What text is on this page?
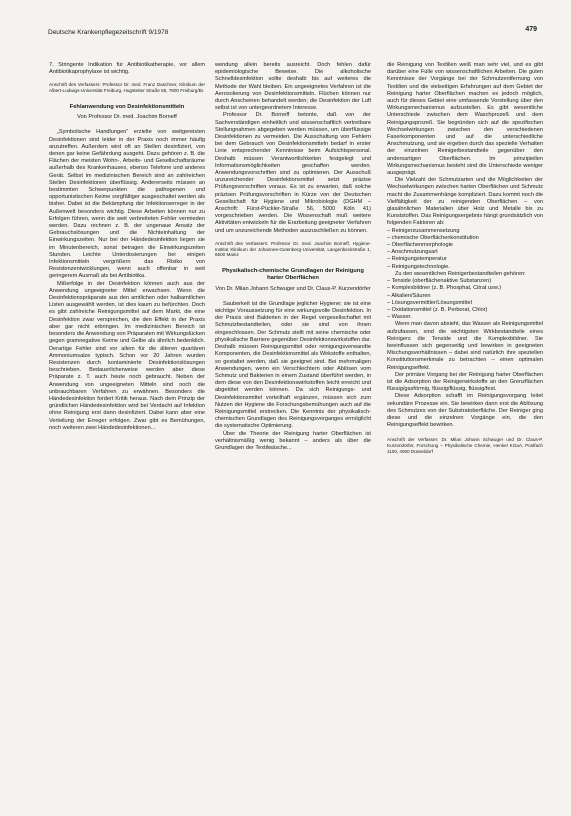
Deutsche Krankenpflegezeitschrift 9/1978	479

7. Stringente Indikation für Antibiotikatherapie, vor allem Antibiotikaprophylaxe ist wichtig.

Anschrift des Verfassers: Professor Dr. med. Franz Daschner, Klinikum der Albert-Ludwigs-Universität Freiburg, Hugstetter Straße 55, 7800 Freiburg/Br.

Fehlanwendung von Desinfektionsmitteln

Von Professor Dr. med. Joachim Borneff

„Symbolische Handlungen“ erzielte von weitgereisten Desinfektionen sind leider in der Praxis noch immer häufig anzutreffen. Außerdem wird oft an Stellen desinfiziert, von denen gar keine Gefährdung ausgeht. Dazu gehören z. B. die Flächen der meisten Wohn-, Arbeits- und Gesellschaftsräume außerhalb des Krankenhauses, ebenso Telefone und anderes Gerät. Selbst im medizinischen Bereich sind an zahlreichen Stellen Desinfektionen überflüssig. Andererseits müssen an bestimmten Schwerpunkten die pathogenen und opportunistischen Keime sorgfältiger ausgeschaltet werden als bisher. Dabei ist die Bekämpfung der Infektionserreger in der Außenwelt besonders wichtig. Diese Arbeiten können nur zu Erfolgen führen, wenn die weit verbreiteten Fehler vermieden werden. Dazu rechnen z. B. der ungenaue Ansatz der Gebrauchslösungen und die Nichteinhaltung der Einwirkungszeiten. Nur bei der Händedesinfektion liegen sie im Minutenbereich, sonst betragen die Einwirkungszeiten Stunden. Leichte Unterdosierungen bei einigen Infektionsmitteln vergrößern das Risiko von Resistenzentwicklungen, wenn auch offenbar in weit geringerem Ausmaß als bei Antibiotika.

Mißerfolge in der Desinfektion können auch aus der Anwendung ungeeigneter Mittel erwachsen. Wenn die Desinfektionspräparate aus den amtlichen oder halbamtlichen Listen ausgewählt werden, ist dies kaum zu befürchten. Doch es gibt zahlreiche Reinigungsmittel auf dem Markt, die eine Desinfektion zwar versprechen, die den Effekt in der Praxis aber gar nicht erbringen. Im medizinischen Bereich ist besonders die Anwendung von Präparaten mit Wirkungslücken gegen gramnegative Keime und Gelbe als ähnlich bedenklich. Derartige Fehler sind vor allem für die älteren quartären Ammoniumsalze typisch. Schon vor 20 Jahren wurden Resistenzen durch kontaminierte Desinfektionslösungen beschrieben. Bedauerlicherweise werden aber diese Präparate z. T. auch heute noch gebraucht. Neben der Anwendung von ungeeigneten Mitteln sind noch die unbrauchbaren Verfahren zu erwähnen. Besonders die Händedesinfektion fordert Kritik heraus. Nach dem Prinzip der gründlichen Händedesinfektion wird bei Verdacht auf Infektion ohne Reinigung erst dann desinfiziert. Dabei kann aber eine Verteilung der Erreger erfolgen. Zwar gibt es Bemühungen, noch weiteren zwei Händedesinfektionen...

wendung allein bereits ausreicht. Doch fehlen dafür epidemiologische Beweise. Die alkoholische Schnelldesinfektion sollte deshalb bis auf weiteres die Methode der Wahl bleiben. Ein ungeeignetes Verfahren ist die Aerosolierung von Desinfektionsmitteln. Flüchen können nur durch Anscheinen behandelt werden; die Desinfektion der Luft selbst ist von untergeordnetem Interesse.

Professor Dr. Borneff betonte, daß von der Sachverständigen einheitlich und wissenschaftlich vertretbare Stellungnahmen abgegeben werden müssen, um überflüssige Desinfektionen zu vermeiden. Die Ausschaltung von Fehlern bei dem Gebrauch von Desinfektionsmitteln bedarf in erster Linie entsprechender Kenntnisse beim Aufsichtspersonal. Deshalb müssen Verantwortlichkeiten festgelegt und Informationsmöglichkeiten geschaffen werden. Anwendungsvorschriften sind zu optimieren. Der Ausschuß unzureichender Desinfektionsmittel setzt präzise Prüfungsvorschriften voraus. Es ist zu erwarten, daß solche präzisen Prüfungsvorschriften in Kürze von der Deutschen Gesellschaft für Hygiene und Mikrobiologie (DGHM – Anschrift: Fürst-Pückler-Straße 56, 5000 Köln 41) vorgeschrieben werden. Die Wissenschaft muß weitere Aktivitäten entwickeln für die Erarbeitung geeigneter Verfahren und um unzureichende Methoden auszuschließen zu können.

Anschrift des Verfassers: Professor Dr. med. Joachim Borneff, Hygiene-Institut Klinikum der Johannes-Gutenberg-Universität, Langenbeckstraße 1, 6500 Mainz

Physikalisch-chemische Grundlagen der Reinigung harter Oberflächen

Von Dr. Milan Johann Schwuger und Dr. Claus-P. Kurzendörfer

Sauberkeit ist die Grundlage jeglicher Hygiene; sie ist eine wichtige Voraussetzung für eine wirkungsvolle Desinfektion. In der Praxis sind Bakterien in der Regel vergesellschaftet mit Schmutzbestandteilen, oder sie sind von ihnen eingeschlossen. Der Schmutz stellt mit seine chemische oder physikalische Barriere gegenüber Desinfektionswirkstoffen dar. Deshalb müssen Reinigungsmittel oder reinigungsverwandte Komponenten, die Desinfektionsmittel als Wirkstoffe enthalten, so gestaltet werden, daß sie geeignet sind. Bei mehrmaligen Anwendungen, wenn ein Verschlechtern oder Ablösen vom Schmutz und Bakterien in einem Zustand überführt werden, in dem diese von den Desinfektionswirkstoffen leicht erreicht und abgetötet werden können. Da sich Reinigungs- und Desinfektionsmittel vorteilhaft ergänzen, müssen sich zum Nutzen der Hygiene die Forschungsbemühungen auch auf die Reinigungsmittel erstrecken. Die Kenntnis der physikalisch-chemischen Grundlagen des Reinigungsvorganges ermöglicht die systematische Optimierung.

Über die Theorie der Reinigung harter Oberflächen ist verhältnismäßig wenig bekannt – anders als über die Grundlagen der Textilwäsche...

die Reinigung von Textilien weiß man sehr viel, und es gibt darüber eine Fülle von wissenschaftlichen Arbeiten. Die guten Kenntnisse der Vorgänge bei der Schmutzentfernung von Textilien und die vielseitigen Erfahrungen auf dem Gebiet der Reinigung harter Oberflächen machen es jedoch möglich, auch für dieses Gebiet eine umfassende Vorstellung über den Wirkungsmechanismus aufzustellen. Es gibt wesentliche Unterschiede zwischen dem Waschprozeß und dem Reinigungsprozeß. Sie begründen sich auf die spezifischen Wechselwirkungen zwischen den verschiedenen Faserkomponenten und auf die unterschiedliche Anschmutzung, und sie ergeben durch das spezielle Verhalten der einzelnen Reinigerbestandteile gegenüber den andersartigen Oberflächen. Im prinzipiellen Wirkungsmechanismus besteht sind die Unterschiede weniger ausgeprägt.

Die Vielzahl der Schmutzarten und die Möglichkeiten der Wechselwirkungen zwischen harten Oberflächen und Schmutz macht die Zusammenhänge kompliziert. Dazu kommt noch die Vielfältigkeit der zu reinigenden Oberflächen – von glasähnlichen Materialien über Holz und Metalle bis zu Kunststoffen. Das Reinigungsergebnis hängt grundsätzlich von folgenden Faktoren ab:

– Reinigerzusammensetzung
– chemische Oberflächenkonstitution
– Oberflächenmorphologie
– Anschmutzungsart
– Reinigungstemperatur
– Reinigungstechnologie.

Zu den wesentlichen Reinigerbestandteilen gehören:

– Tenside (oberflächenaktive Substanzen)
– Komplexbildner (z. B. Phosphat, Citrat usw.)
– Alkalien/Säuren
– Lösungsvermittler/Lösungsmittel
– Oxidationsmittel (z. B. Perborat, Chlor)
– Wasser.

Wenn man davon absieht, das Wasser als Reinigungsmittel aufzufassen, sind die wichtigsten Wirkbestandteile eines Reinigers die Tenside und die Komplexbildner. Sie beeinflussen sich gegenseitig und bewirken in geeigneten Mischungsverhältnissen – dabei sind natürlich ihre speziellen Konstitutionsmerkmale zu betrachten – einen optimalen Reinigungseffekt.

Der primäre Vorgang bei der Reinigung harter Oberflächen ist die Adsorption der Reinigerwirkstoffe an den Grenzflächen flüssig/gasförmig, flüssig/flüssig, flüssig/fest.

Diese Adsorption schafft im Reinigungsvorgang leitet sekundäre Prozesse ein. Sie bewirken dann erst die Ablösung des Schmutzes von der Substratoberfläche. Der Reiniger ging diese und die einzelnen Vorgänge ein, die den Reinigungseffekt bewirken.

Anschrift der Verfasser: Dr. Milan Johann Schwuger und Dr. Claus-P. Kurzendörfer, Forschung – Physikalische Chemie, Henkel KGaA, Postfach 1100, 4000 Düsseldorf
